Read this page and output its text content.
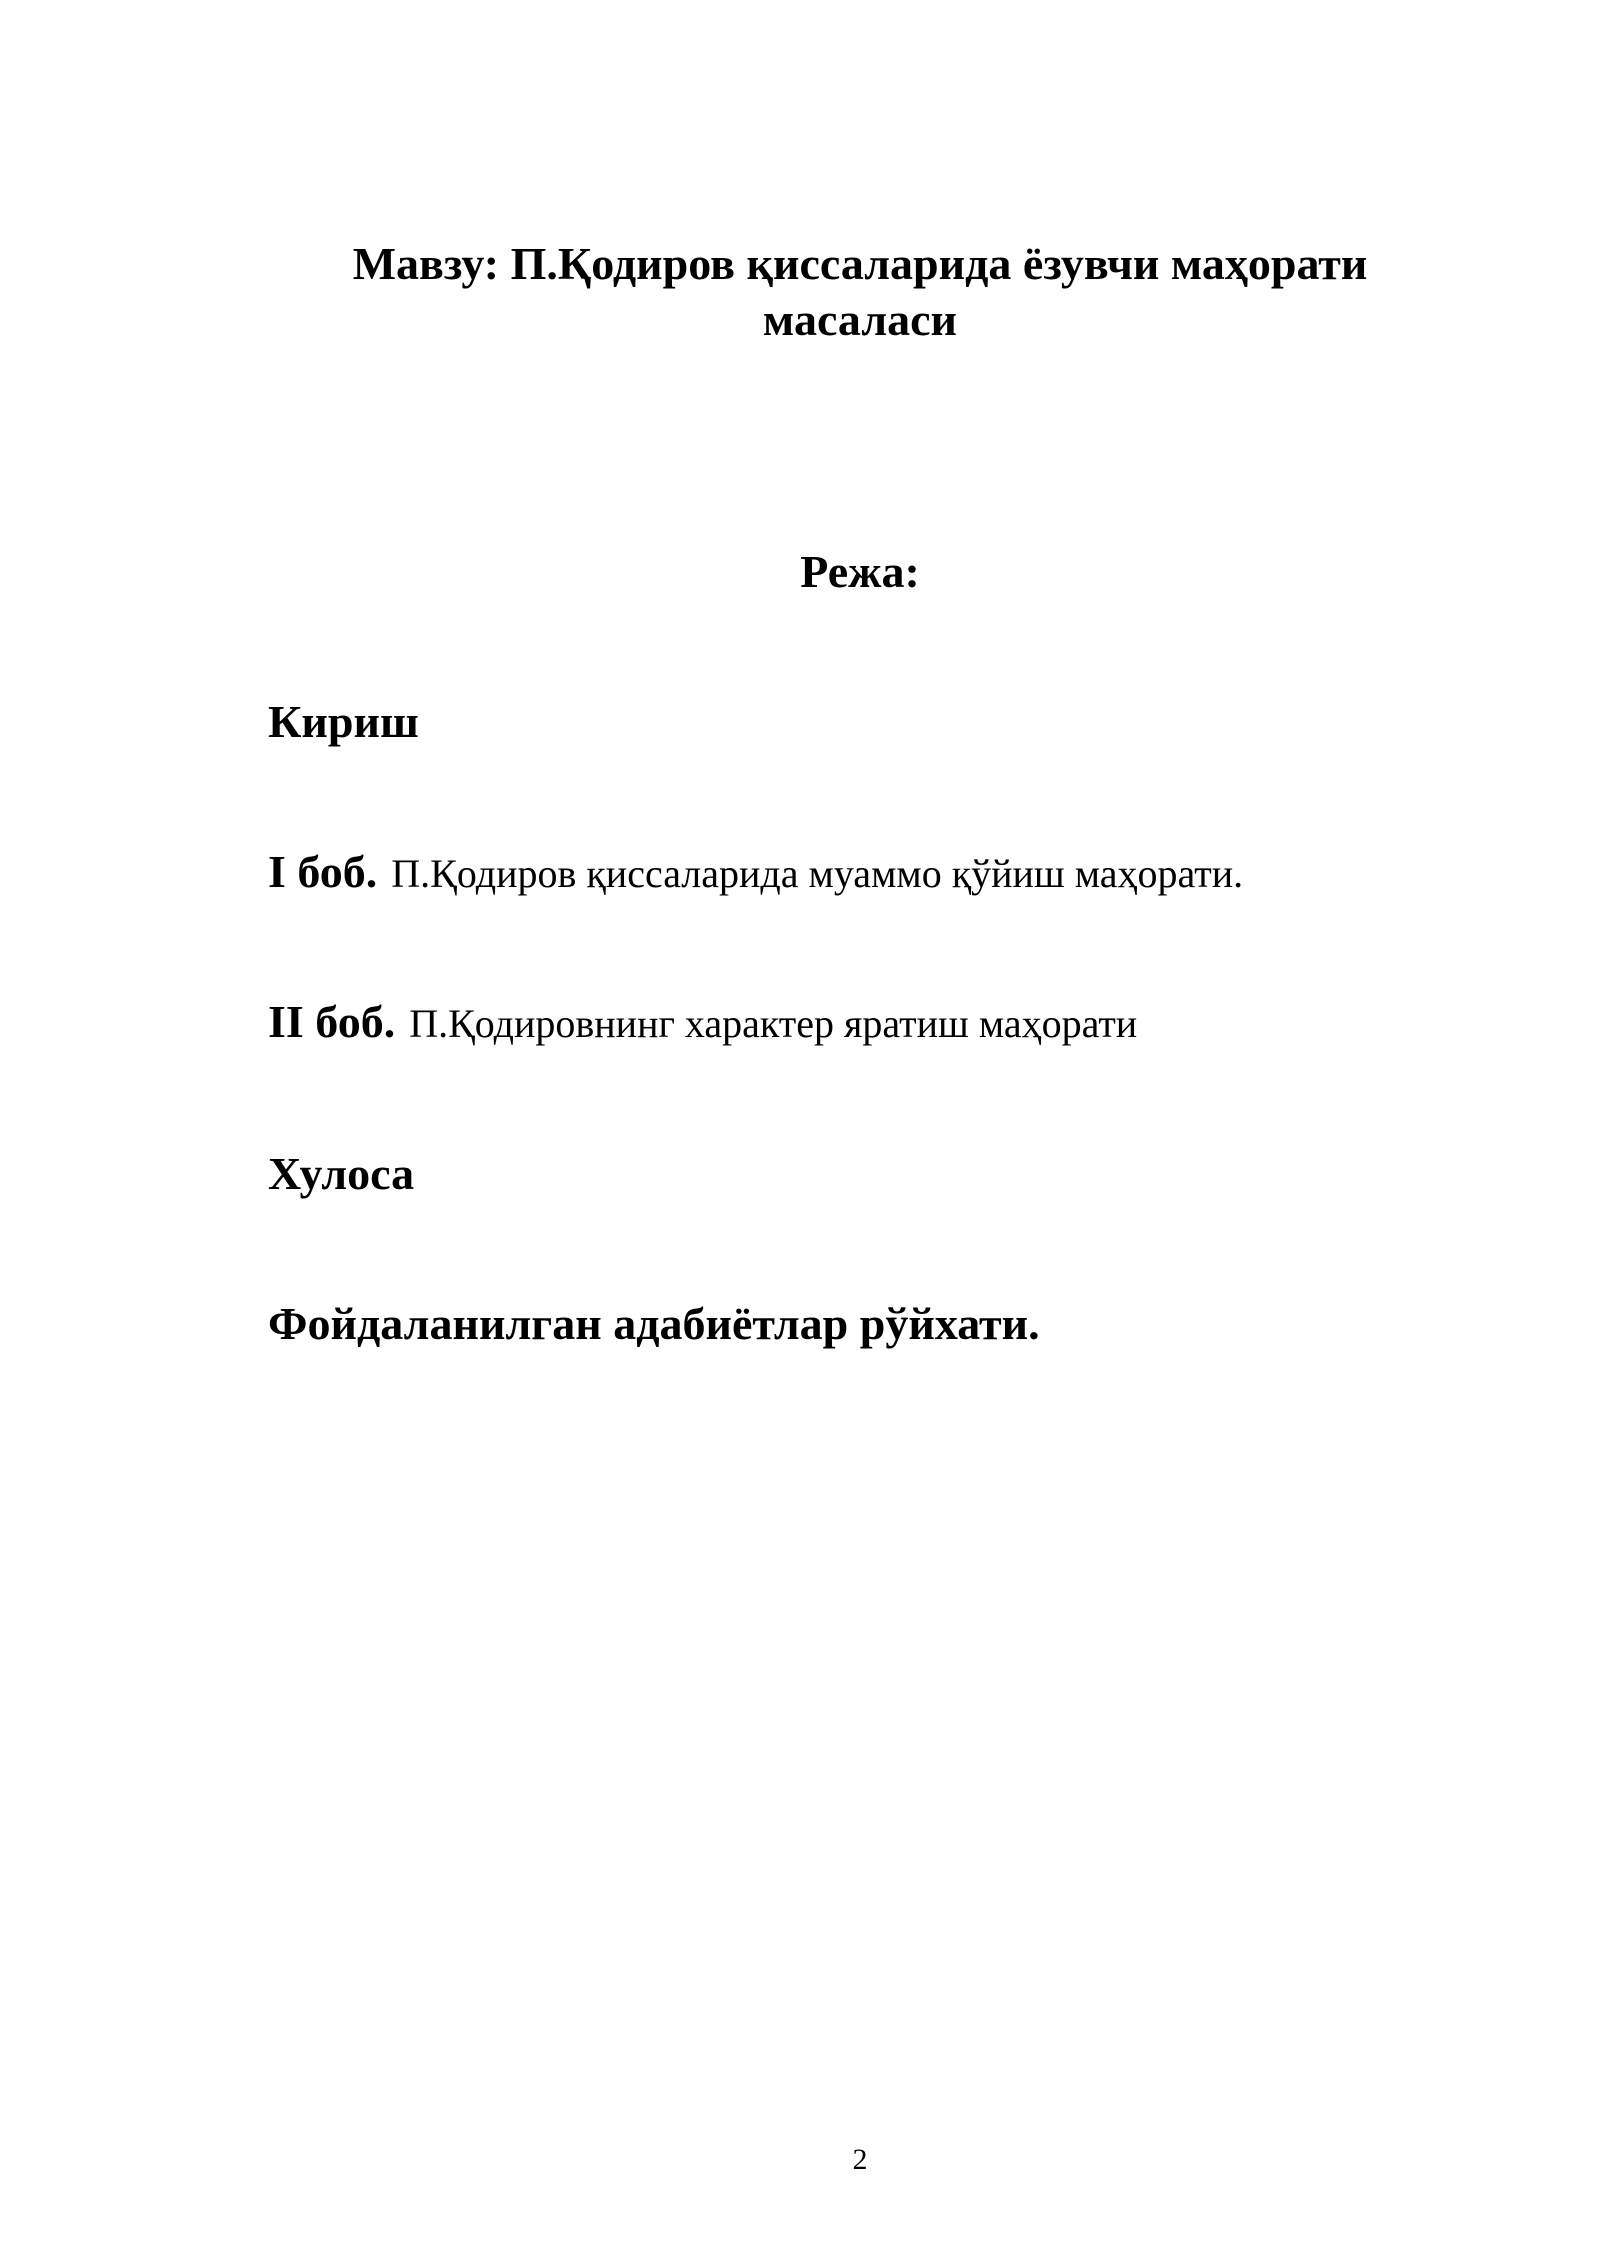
Мавзу: П.Қодиров қиссаларида ёзувчи маҳорати масаласи
Режа:

Кириш

I боб. П.Қодиров қиссаларида муаммо қўйиш маҳорати.

II боб. П.Қодировнинг характер яратиш маҳорати

Хулоса

Фойдаланилган адабиётлар рўйхати.

2
